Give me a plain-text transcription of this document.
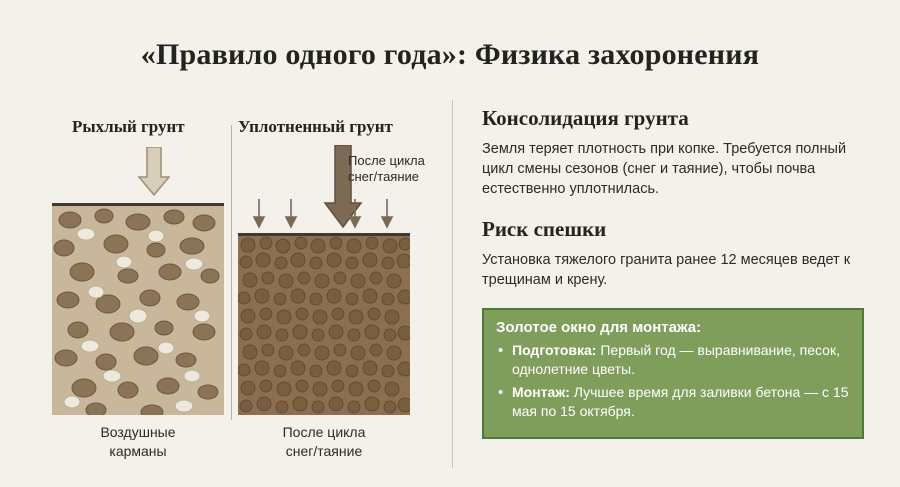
«Правило одного года»: Физика захоронения
Рыхлый грунт	Уплотненный грунт
После цикла
снег/таяние
Воздушные
карманы
После цикла
снег/таяние
Консолидация грунта

Земля теряет плотность при копке. Требуется полный цикл смены сезонов (снег и таяние), чтобы почва естественно уплотнилась.

Риск спешки

Установка тяжелого гранита ранее 12 месяцев ведет к трещинам и крену.

Золотое окно для монтажа:
• Подготовка: Первый год — выравнивание, песок, однолетние цветы.
• Монтаж: Лучшее время для заливки бетона — с 15 мая по 15 октября.
